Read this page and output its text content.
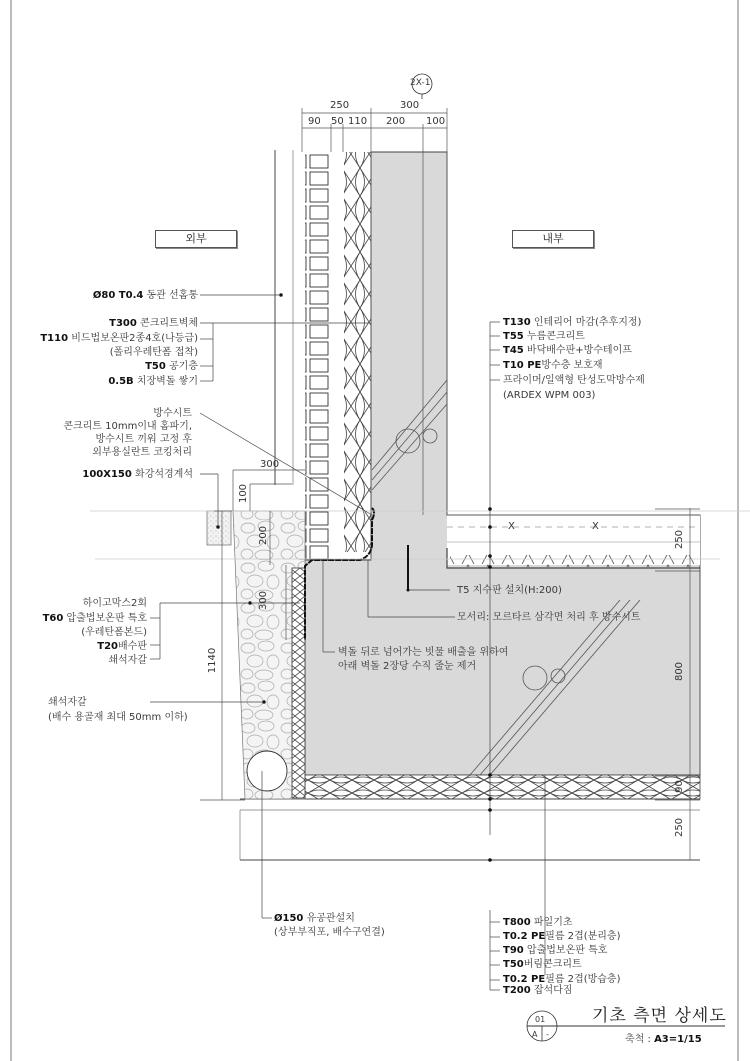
2X-1
250	300
90 50 110 200 100
외부	내부
Ø80 T0.4 동관 선홈통
T300 콘크리트벽체
T110 비드법보온판2종4호(나등급)
(폴리우레탄폼 접착)
T50 공기층
0.5B 치장벽돌 쌓기
방수시트
콘크리트 10mm이내 홈파기,
방수시트 끼워 고정 후
외부용실란트 코킹처리
100X150 화강석경계석
300
100
200
300
하이고막스2회
T60 압출법보온판 특호
(우레탄폼본드)
T20배수판
쇄석자갈	1140
쇄석자갈
(배수 용골재 최대 50mm 이하)
Ø150 유공관설치
(상부부직포, 배수구연결)
T130 인테리어 마감(추후지정)
T55 누름콘크리트
T45 바닥배수판+방수테이프
T10 PE방수층 보호재
프라이머/일액형 탄성도막방수제
(ARDEX WPM 003)
X	X
T5 지수판 설치(H:200)
모서리: 모르타르 삼각면 처리 후 방수시트
벽돌 뒤로 넘어가는 빗물 배출을 위하여
아래 벽돌 2장당 수직 줄눈 제거
250
800
90
250
T800 파일기초
T0.2 PE필름 2겹(분리층)
T90 압출법보온판 특호
T50버림콘크리트
T0.2 PE필름 2겹(방습층)
T200 잡석다짐
01
A -
기초 측면 상세도
축척 : A3=1/15
